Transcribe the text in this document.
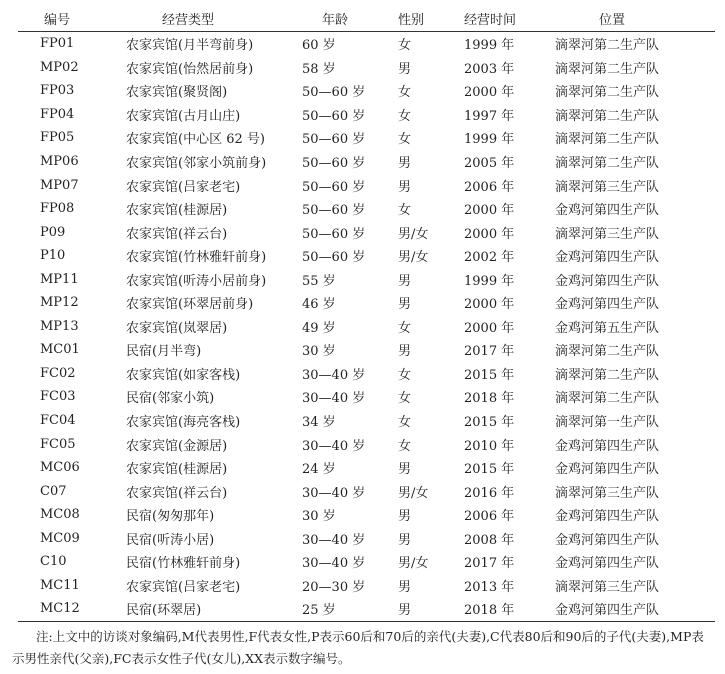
编号	经营类型	年龄	性别	经营时间	位置
FP01	农家宾馆(月半弯前身)	60 岁	女	1999 年	滴翠河第二生产队
MP02	农家宾馆(怡然居前身)	58 岁	男	2003 年	滴翠河第二生产队
FP03	农家宾馆(聚贤阁)	50—60 岁	女	2000 年	滴翠河第二生产队
FP04	农家宾馆(古月山庄)	50—60 岁	女	1997 年	滴翠河第二生产队
FP05	农家宾馆(中心区 62 号)	50—60 岁	女	1999 年	滴翠河第二生产队
MP06	农家宾馆(邻家小筑前身)	50—60 岁	男	2005 年	滴翠河第二生产队
MP07	农家宾馆(吕家老宅)	50—60 岁	男	2006 年	滴翠河第三生产队
FP08	农家宾馆(桂源居)	50—60 岁	女	2000 年	金鸡河第四生产队
P09	农家宾馆(祥云台)	50—60 岁	男/女	2000 年	滴翠河第三生产队
P10	农家宾馆(竹林雅轩前身)	50—60 岁	男/女	2002 年	金鸡河第四生产队
MP11	农家宾馆(听涛小居前身)	55 岁	男	1999 年	金鸡河第四生产队
MP12	农家宾馆(环翠居前身)	46 岁	男	2000 年	金鸡河第四生产队
MP13	农家宾馆(岚翠居)	49 岁	女	2000 年	金鸡河第五生产队
MC01	民宿(月半弯)	30 岁	男	2017 年	滴翠河第二生产队
FC02	农家宾馆(如家客栈)	30—40 岁	女	2015 年	滴翠河第二生产队
FC03	民宿(邻家小筑)	30—40 岁	女	2018 年	滴翠河第二生产队
FC04	农家宾馆(海亮客栈)	34 岁	女	2015 年	滴翠河第一生产队
FC05	农家宾馆(金源居)	30—40 岁	女	2010 年	金鸡河第四生产队
MC06	农家宾馆(桂源居)	24 岁	男	2015 年	金鸡河第四生产队
C07	农家宾馆(祥云台)	30—40 岁	男/女	2016 年	滴翠河第三生产队
MC08	民宿(匆匆那年)	30 岁	男	2006 年	金鸡河第四生产队
MC09	民宿(听涛小居)	30—40 岁	男	2008 年	金鸡河第四生产队
C10	民宿(竹林雅轩前身)	30—40 岁	男/女	2017 年	金鸡河第四生产队
MC11	农家宾馆(吕家老宅)	20—30 岁	男	2013 年	滴翠河第三生产队
MC12	民宿(环翠居)	25 岁	男	2018 年	金鸡河第四生产队
注:上文中的访谈对象编码,M代表男性,F代表女性,P表示60后和70后的亲代(夫妻),C代表80后和90后的子代(夫妻),MP表示男性亲代(父亲),FC表示女性子代(女儿),XX表示数字编号。
